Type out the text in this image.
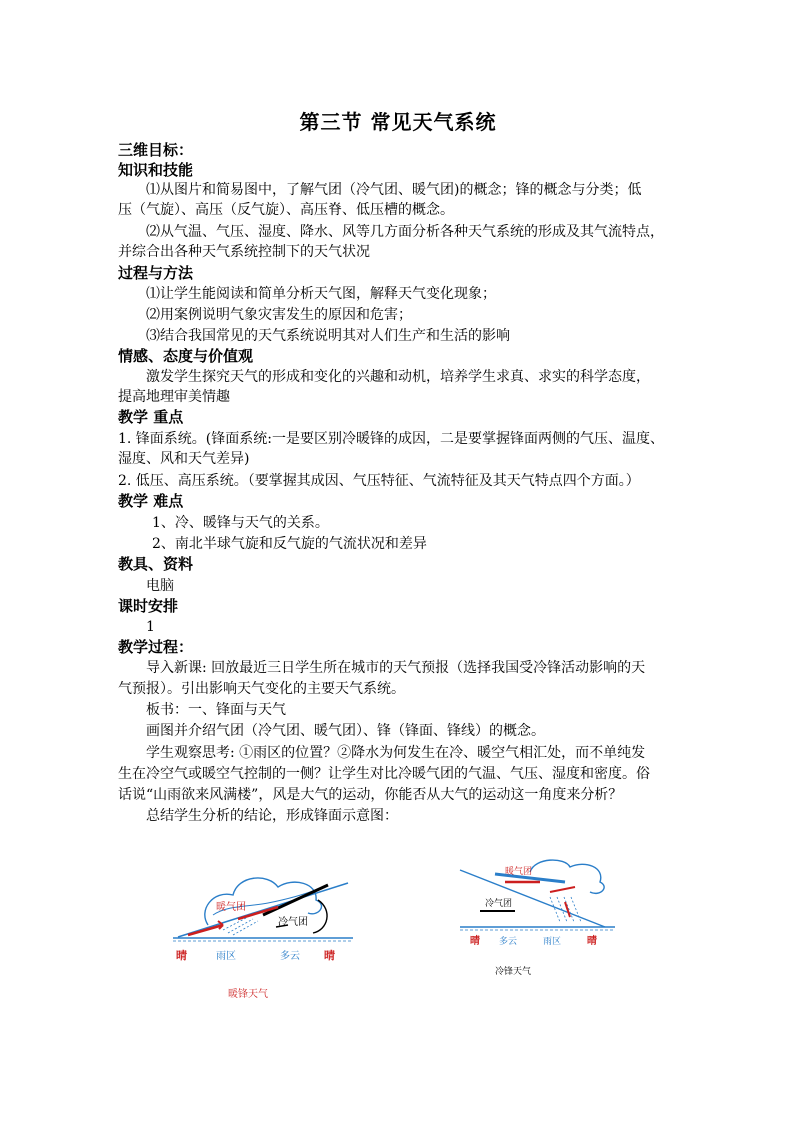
第三节 常见天气系统
三维目标：
知识和技能
⑴从图片和简易图中，了解气团（冷气团、暖气团)的概念；锋的概念与分类；低
压（气旋）、高压（反气旋）、高压脊、低压槽的概念。
⑵从气温、气压、湿度、降水、风等几方面分析各种天气系统的形成及其气流特点，
并综合出各种天气系统控制下的天气状况
过程与方法
⑴让学生能阅读和简单分析天气图，解释天气变化现象；
⑵用案例说明气象灾害发生的原因和危害；
⑶结合我国常见的天气系统说明其对人们生产和生活的影响
情感、态度与价值观
激发学生探究天气的形成和变化的兴趣和动机，培养学生求真、求实的科学态度，
提高地理审美情趣
教学 重点
1. 锋面系统。(锋面系统:一是要区别冷暖锋的成因，二是要掌握锋面两侧的气压、温度、
湿度、风和天气差异)
2. 低压、高压系统。（要掌握其成因、气压特征、气流特征及其天气特点四个方面。）
教学 难点
1、冷、暖锋与天气的关系。
2、南北半球气旋和反气旋的气流状况和差异
教具、资料
电脑
课时安排
1
教学过程：
导入新课: 回放最近三日学生所在城市的天气预报（选择我国受冷锋活动影响的天
气预报）。引出影响天气变化的主要天气系统。
板书：一、锋面与天气
画图并介绍气团（冷气团、暖气团）、锋（锋面、锋线）的概念。
学生观察思考: ①雨区的位置？②降水为何发生在冷、暖空气相汇处，而不单纯发
生在冷空气或暖空气控制的一侧？让学生对比冷暖气团的气温、气压、湿度和密度。俗
话说“山雨欲来风满楼”，风是大气的运动，你能否从大气的运动这一角度来分析？
总结学生分析的结论，形成锋面示意图：
暖气团
冷气团
晴	雨区	多云 晴
暖锋天气
暖气团
冷气团
晴 多云	雨区	晴
冷锋天气
